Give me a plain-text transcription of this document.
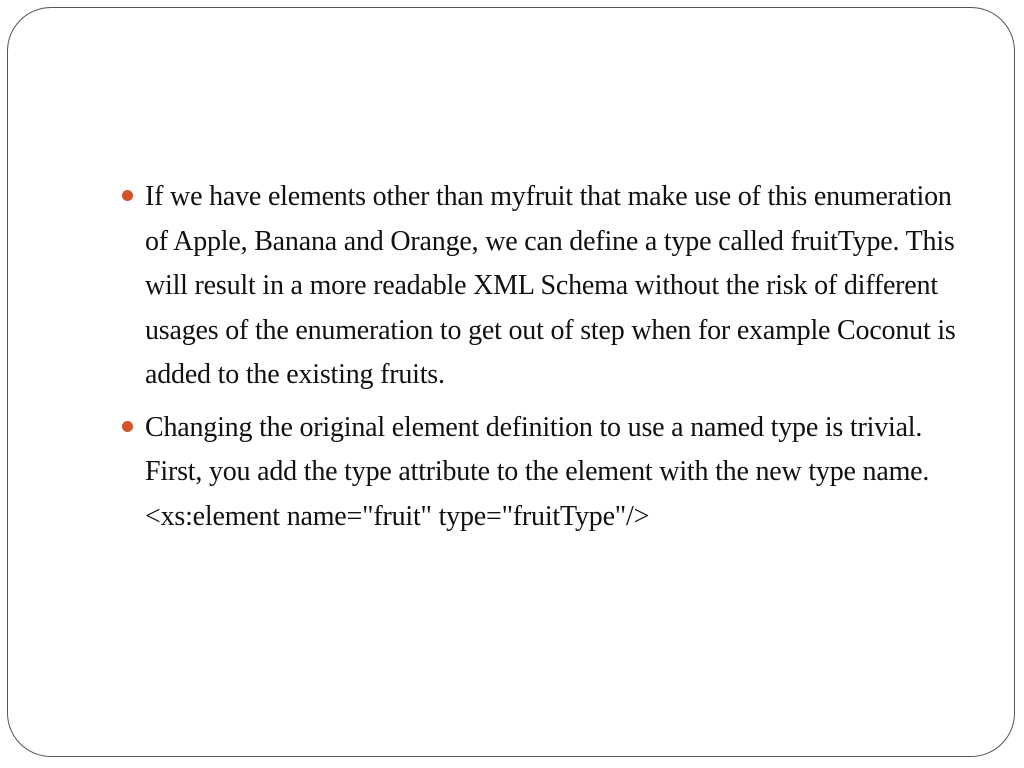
If we have elements other than myfruit that make use of this enumeration of Apple, Banana and Orange, we can define a type called fruitType. This will result in a more readable XML Schema without the risk of different usages of the enumeration to get out of step when for example Coconut is added to the existing fruits.
Changing the original element definition to use a named type is trivial. First, you add the type attribute to the element with the new type name. <xs:element name="fruit" type="fruitType"/>
